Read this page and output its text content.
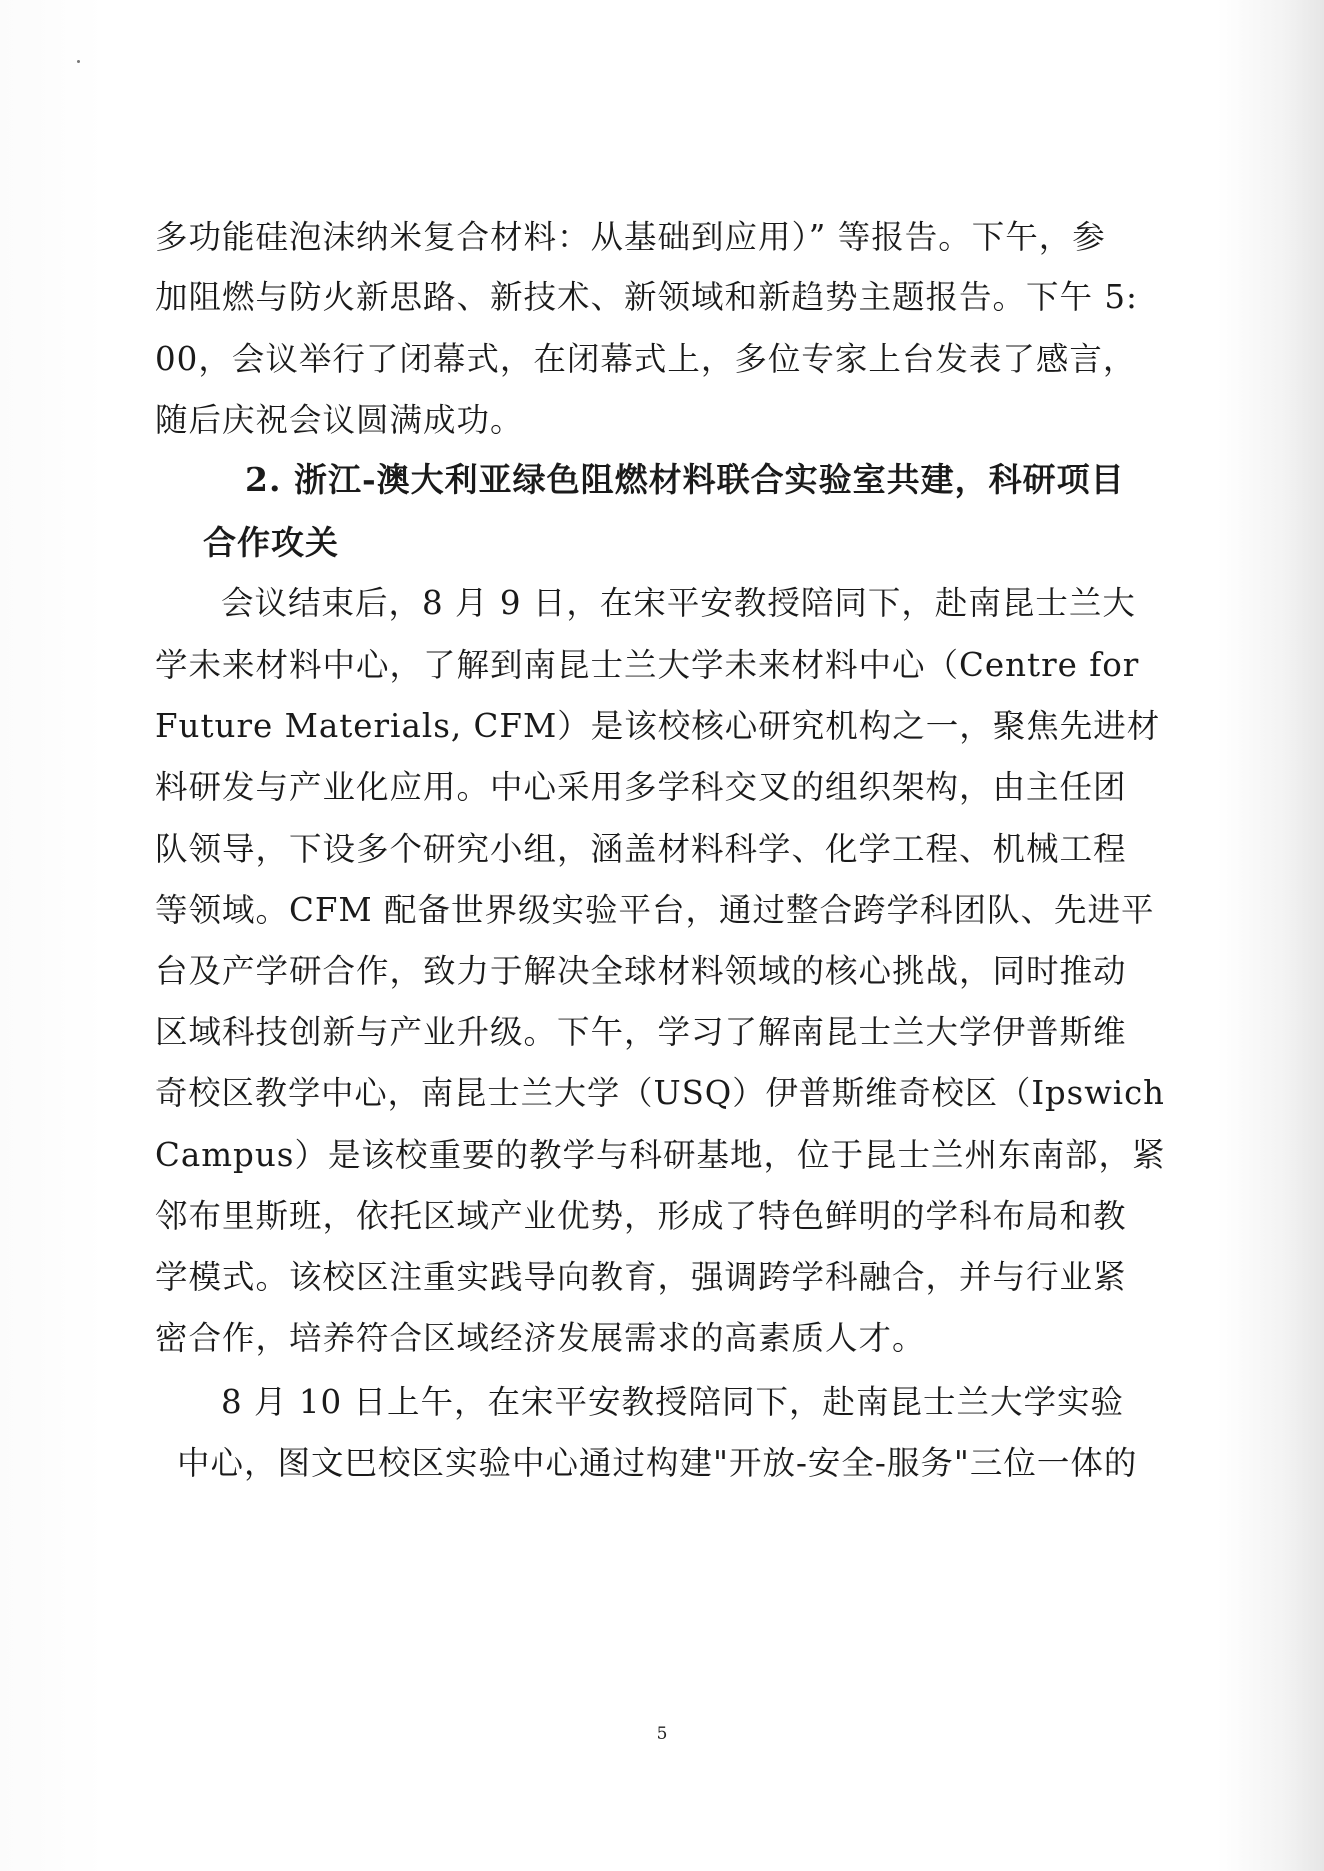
多功能硅泡沫纳米复合材料：从基础到应用）” 等报告。下午，参
加阻燃与防火新思路、新技术、新领域和新趋势主题报告。下午 5:
00，会议举行了闭幕式，在闭幕式上，多位专家上台发表了感言，
随后庆祝会议圆满成功。
2. 浙江-澳大利亚绿色阻燃材料联合实验室共建，科研项目
合作攻关
会议结束后，8 月 9 日，在宋平安教授陪同下，赴南昆士兰大
学未来材料中心，了解到南昆士兰大学未来材料中心（Centre for
Future Materials, CFM）是该校核心研究机构之一，聚焦先进材
料研发与产业化应用。中心采用多学科交叉的组织架构，由主任团
队领导，下设多个研究小组，涵盖材料科学、化学工程、机械工程
等领域。CFM 配备世界级实验平台，通过整合跨学科团队、先进平
台及产学研合作，致力于解决全球材料领域的核心挑战，同时推动
区域科技创新与产业升级。下午，学习了解南昆士兰大学伊普斯维
奇校区教学中心，南昆士兰大学（USQ）伊普斯维奇校区（Ipswich
Campus）是该校重要的教学与科研基地，位于昆士兰州东南部，紧
邻布里斯班，依托区域产业优势，形成了特色鲜明的学科布局和教
学模式。该校区注重实践导向教育，强调跨学科融合，并与行业紧
密合作，培养符合区域经济发展需求的高素质人才。
8 月 10 日上午，在宋平安教授陪同下，赴南昆士兰大学实验
中心，图文巴校区实验中心通过构建"开放-安全-服务"三位一体的
5
